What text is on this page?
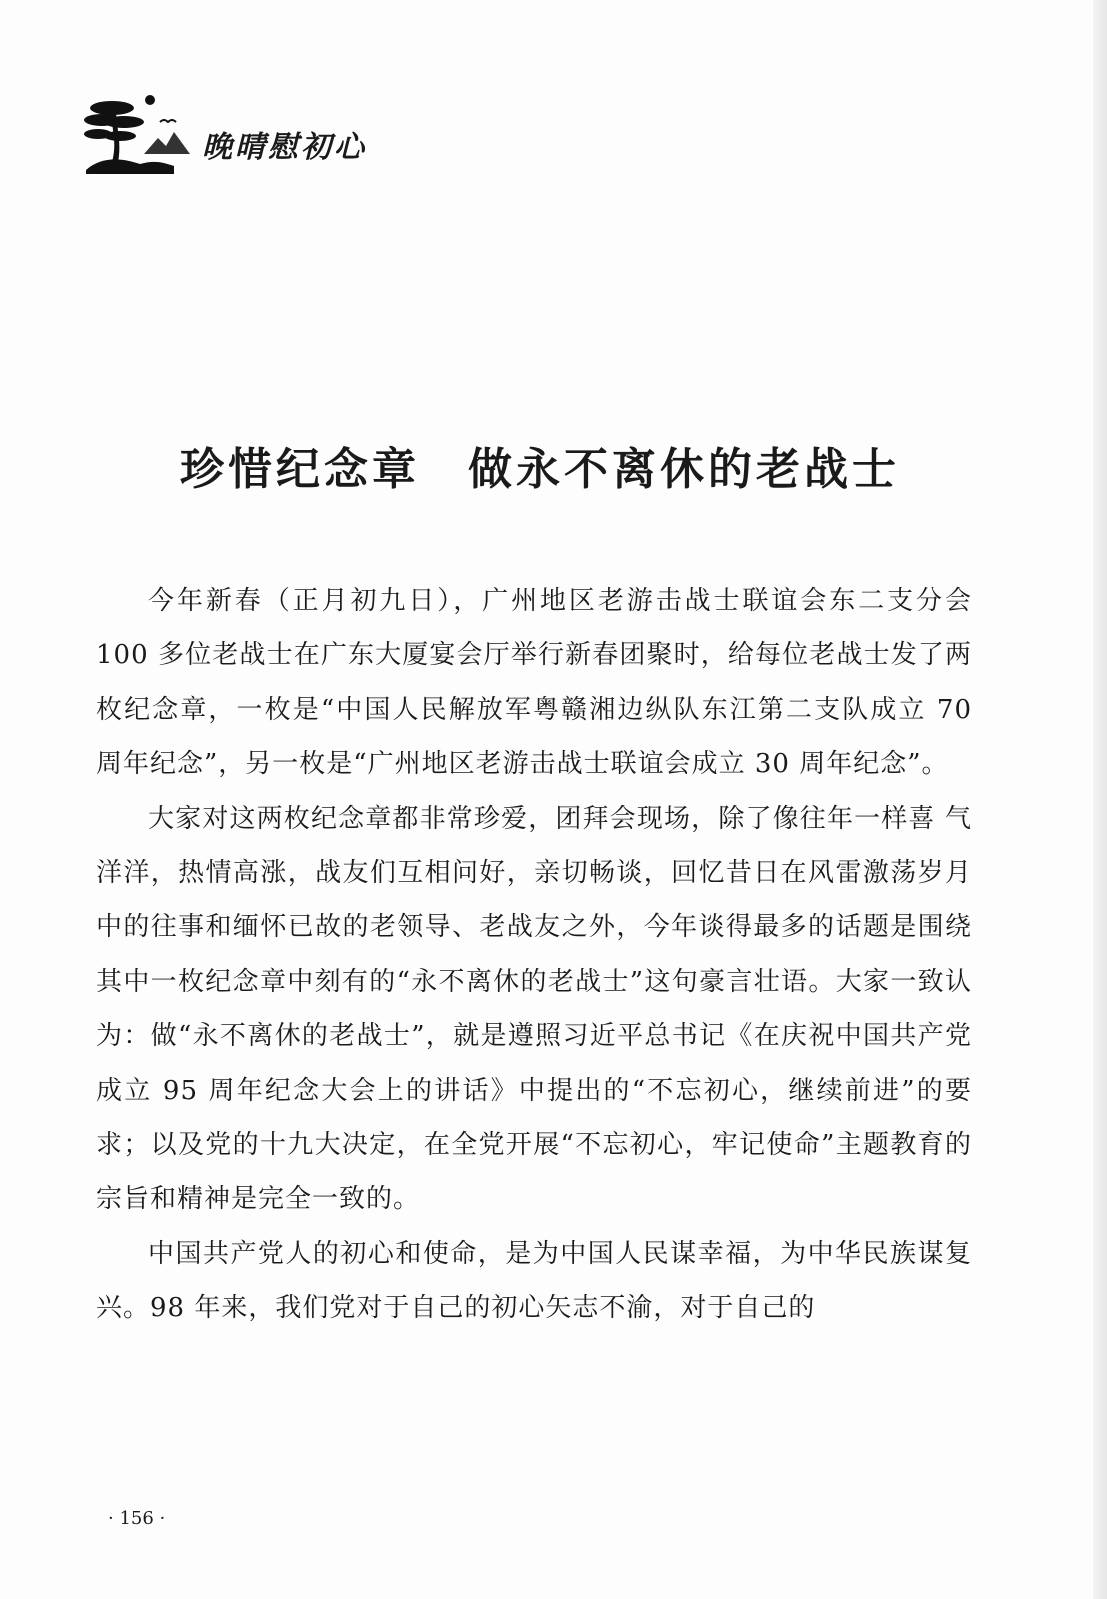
晚晴慰初心
珍惜纪念章　做永不离休的老战士

今年新春（正月初九日），广州地区老游击战士联谊会东二支分会 100 多位老战士在广东大厦宴会厅举行新春团聚时，给每位老战士发了两枚纪念章，一枚是“中国人民解放军粤赣湘边纵队东江第二支队成立 70 周年纪念”，另一枚是“广州地区老游击战士联谊会成立 30 周年纪念”。

大家对这两枚纪念章都非常珍爱，团拜会现场，除了像往年一样喜 气洋洋，热情高涨，战友们互相问好，亲切畅谈，回忆昔日在风雷激荡岁月中的往事和缅怀已故的老领导、老战友之外，今年谈得最多的话题是围绕其中一枚纪念章中刻有的“永不离休的老战士”这句豪言壮语。大家一致认为：做“永不离休的老战士”，就是遵照习近平总书记《在庆祝中国共产党成立 95 周年纪念大会上的讲话》中提出的“不忘初心，继续前进”的要求；以及党的十九大决定，在全党开展“不忘初心，牢记使命”主题教育的宗旨和精神是完全一致的。

中国共产党人的初心和使命，是为中国人民谋幸福，为中华民族谋复兴。98 年来，我们党对于自己的初心矢志不渝，对于自己的

· 156 ·
